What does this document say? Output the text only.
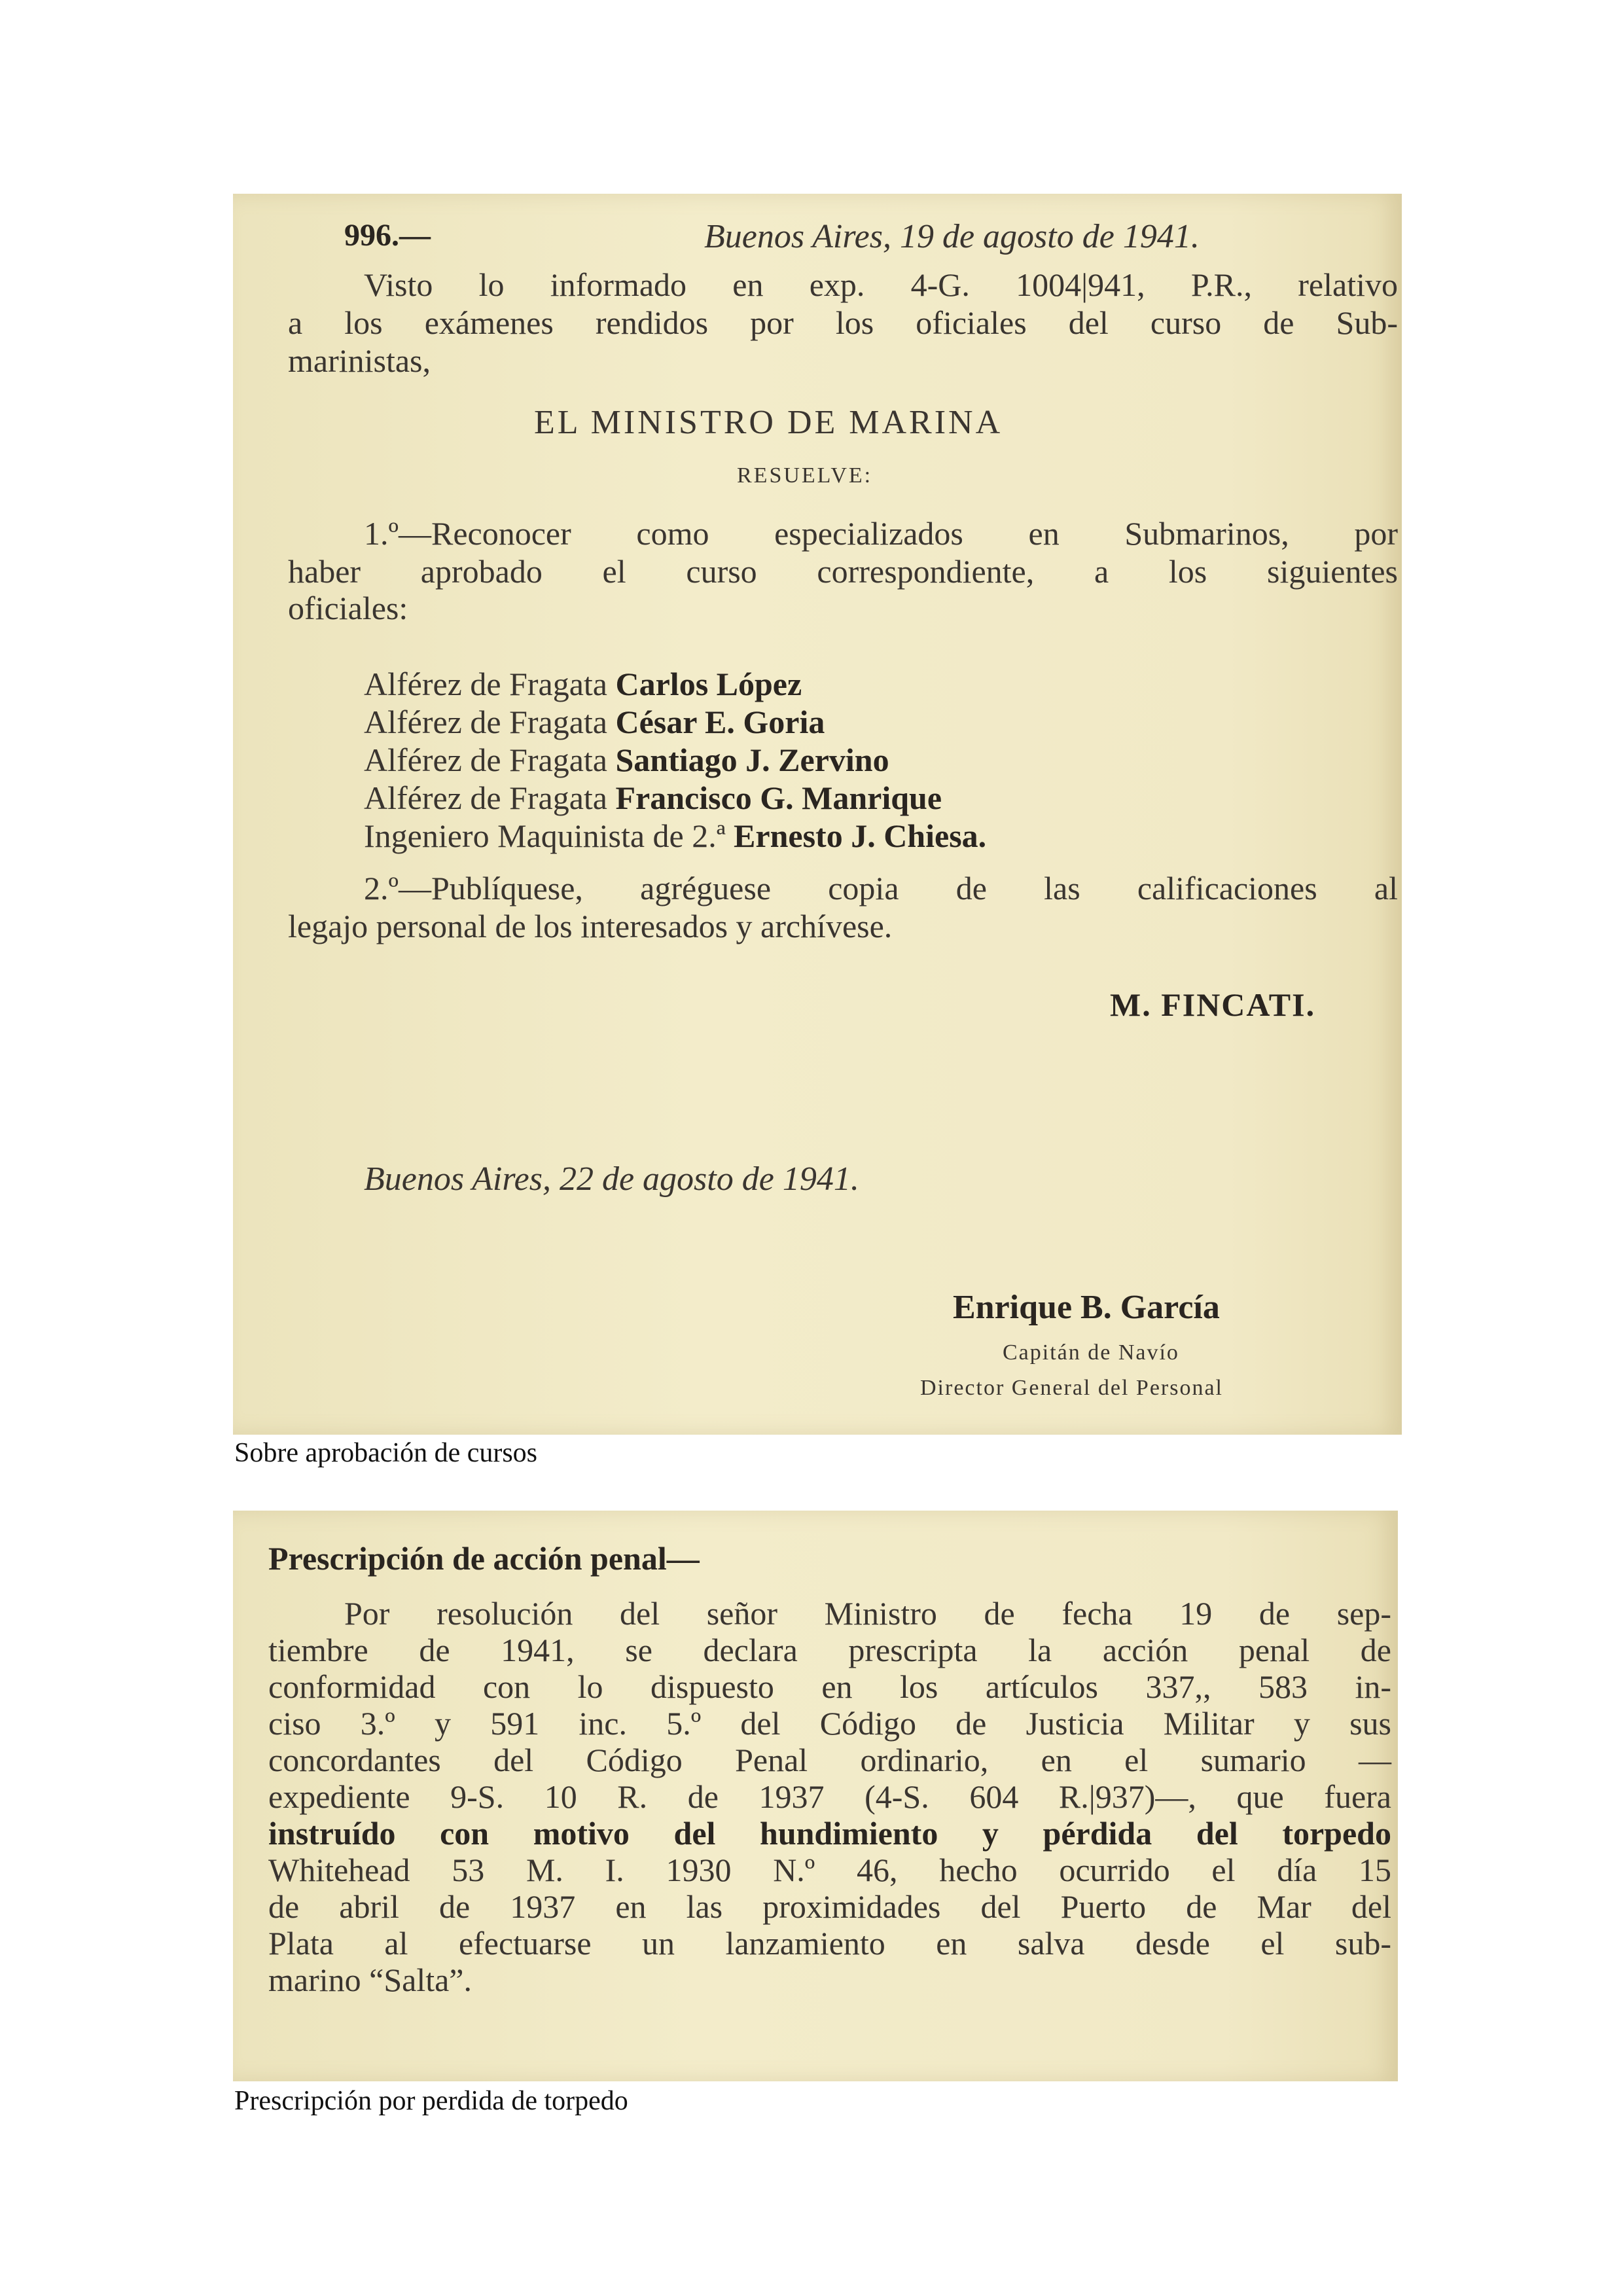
996.—	Buenos Aires, 19 de agosto de 1941.
Visto lo informado en exp. 4-G. 1004|941, P.R., relativo
a los exámenes rendidos por los oficiales del curso de Sub-
marinistas,
EL MINISTRO DE MARINA
RESUELVE:
1.º—Reconocer como especializados en Submarinos, por
haber aprobado el curso correspondiente, a los siguientes
oficiales:
Alférez de Fragata Carlos López
Alférez de Fragata César E. Goria
Alférez de Fragata Santiago J. Zervino
Alférez de Fragata Francisco G. Manrique
Ingeniero Maquinista de 2.ª Ernesto J. Chiesa.
2.º—Publíquese, agréguese copia de las calificaciones al
legajo personal de los interesados y archívese.
M. FINCATI.
Buenos Aires, 22 de agosto de 1941.
Enrique B. García
Capitán de Navío
Director General del Personal
Sobre aprobación de cursos
Prescripción de acción penal—
Por resolución del señor Ministro de fecha 19 de sep-
tiembre de 1941, se declara prescripta la acción penal de
conformidad con lo dispuesto en los artículos 337,, 583 in-
ciso 3.º y 591 inc. 5.º del Código de Justicia Militar y sus
concordantes del Código Penal ordinario, en el sumario —
expediente 9-S. 10 R. de 1937 (4-S. 604 R.|937)—, que fuera
instruído con motivo del hundimiento y pérdida del torpedo
Whitehead 53 M. I. 1930 N.º 46, hecho ocurrido el día 15
de abril de 1937 en las proximidades del Puerto de Mar del
Plata al efectuarse un lanzamiento en salva desde el sub-
marino “Salta”.
Prescripción por perdida de torpedo
